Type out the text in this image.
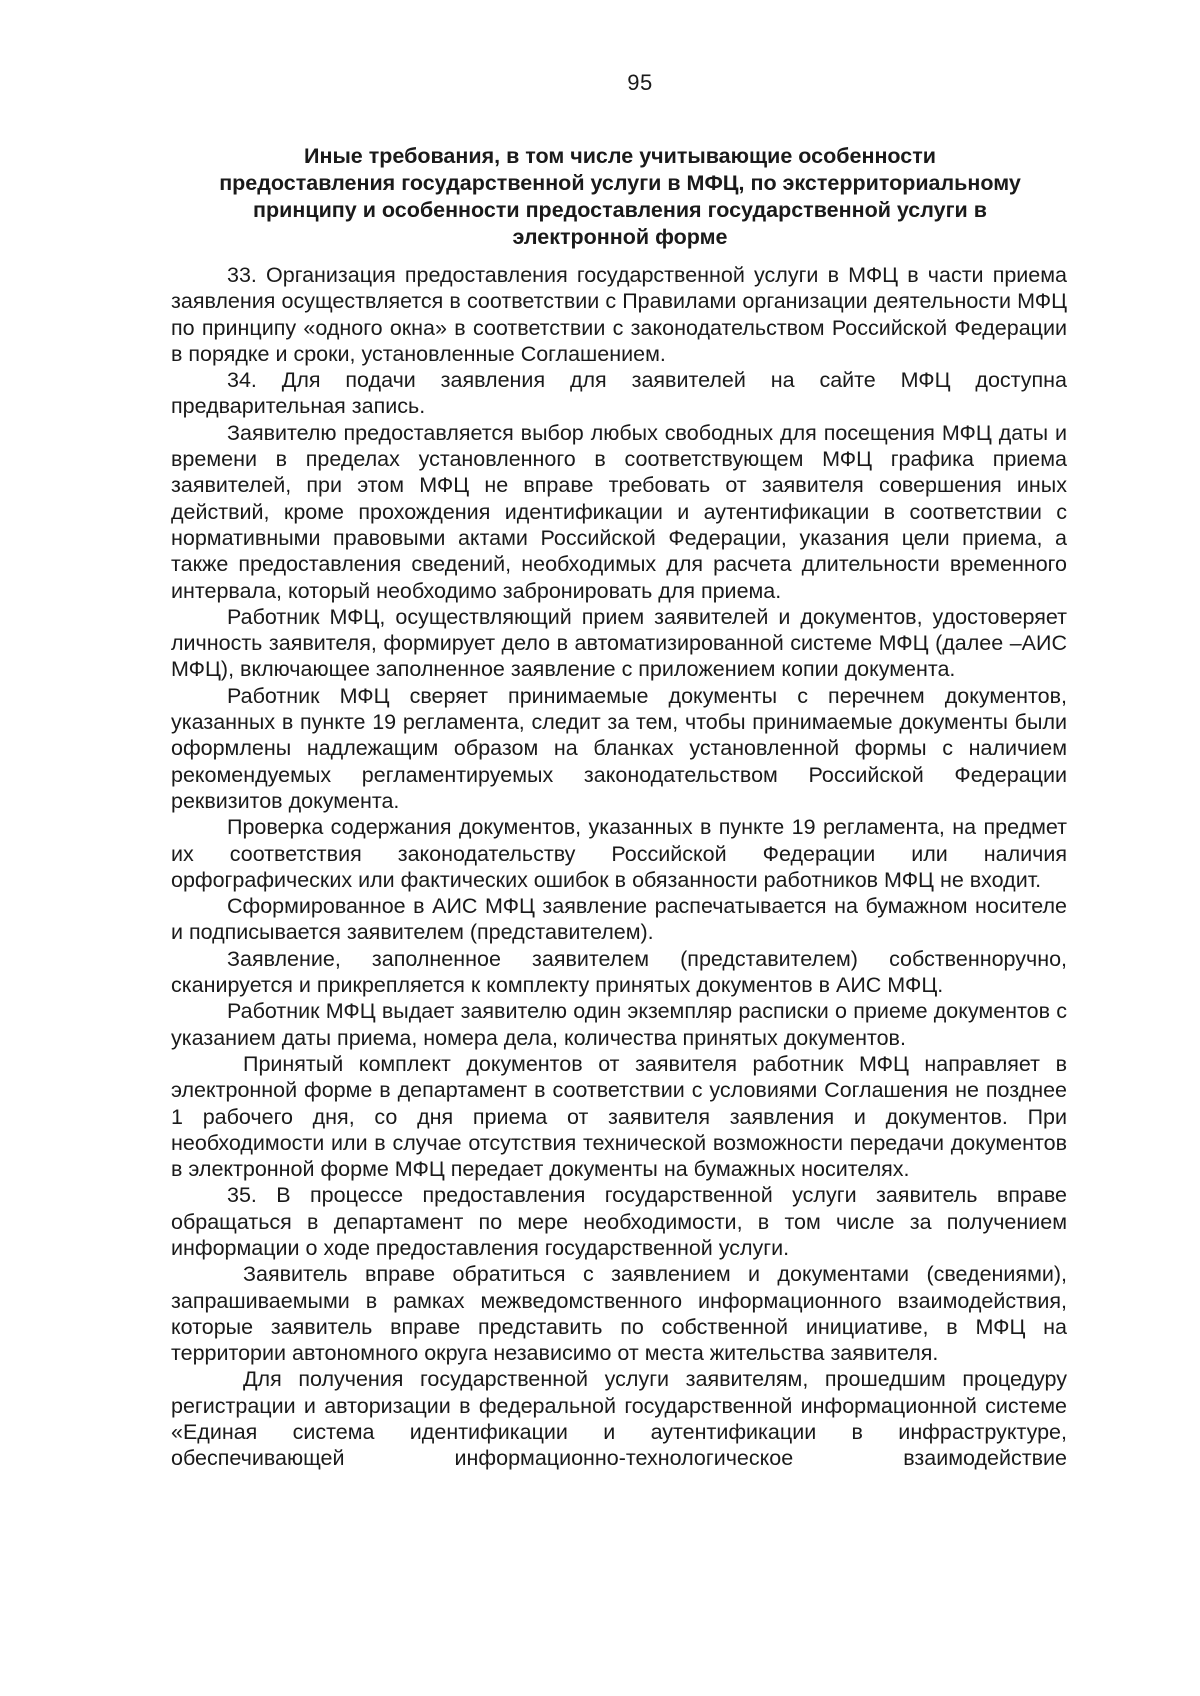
95
Иные требования, в том числе учитывающие особенности
предоставления государственной услуги в МФЦ, по экстерриториальному
принципу и особенности предоставления государственной услуги в
электронной форме

33. Организация предоставления государственной услуги в МФЦ в части приема заявления осуществляется в соответствии с Правилами организации деятельности МФЦ по принципу «одного окна» в соответствии с законодательством Российской Федерации в порядке и сроки, установленные Соглашением.

34. Для подачи заявления для заявителей на сайте МФЦ доступна предварительная запись.

Заявителю предоставляется выбор любых свободных для посещения МФЦ даты и времени в пределах установленного в соответствующем МФЦ графика приема заявителей, при этом МФЦ не вправе требовать от заявителя совершения иных действий, кроме прохождения идентификации и аутентификации в соответствии с нормативными правовыми актами Российской Федерации, указания цели приема, а также предоставления сведений, необходимых для расчета длительности временного интервала, который необходимо забронировать для приема.

Работник МФЦ, осуществляющий прием заявителей и документов, удостоверяет личность заявителя, формирует дело в автоматизированной системе МФЦ (далее –АИС МФЦ), включающее заполненное заявление с приложением копии документа.

Работник МФЦ сверяет принимаемые документы с перечнем документов, указанных в пункте 19 регламента, следит за тем, чтобы принимаемые документы были оформлены надлежащим образом на бланках установленной формы с наличием рекомендуемых регламентируемых законодательством Российской Федерации реквизитов документа.

Проверка содержания документов, указанных в пункте 19 регламента, на предмет их соответствия законодательству Российской Федерации или наличия орфографических или фактических ошибок в обязанности работников МФЦ не входит.

Сформированное в АИС МФЦ заявление распечатывается на бумажном носителе и подписывается заявителем (представителем).

Заявление, заполненное заявителем (представителем) собственноручно, сканируется и прикрепляется к комплекту принятых документов в АИС МФЦ.

Работник МФЦ выдает заявителю один экземпляр расписки о приеме документов с указанием даты приема, номера дела, количества принятых документов.

Принятый комплект документов от заявителя работник МФЦ направляет в электронной форме в департамент в соответствии с условиями Соглашения не позднее 1 рабочего дня, со дня приема от заявителя заявления и документов. При необходимости или в случае отсутствия технической возможности передачи документов в электронной форме МФЦ передает документы на бумажных носителях.

35. В процессе предоставления государственной услуги заявитель вправе обращаться в департамент по мере необходимости, в том числе за получением информации о ходе предоставления государственной услуги.

Заявитель вправе обратиться с заявлением и документами (сведениями), запрашиваемыми в рамках межведомственного информационного взаимодействия, которые заявитель вправе представить по собственной инициативе, в МФЦ на территории автономного округа независимо от места жительства заявителя.

Для получения государственной услуги заявителям, прошедшим процедуру регистрации и авторизации в федеральной государственной информационной системе «Единая система идентификации и аутентификации в инфраструктуре, обеспечивающей информационно-технологическое взаимодействие
